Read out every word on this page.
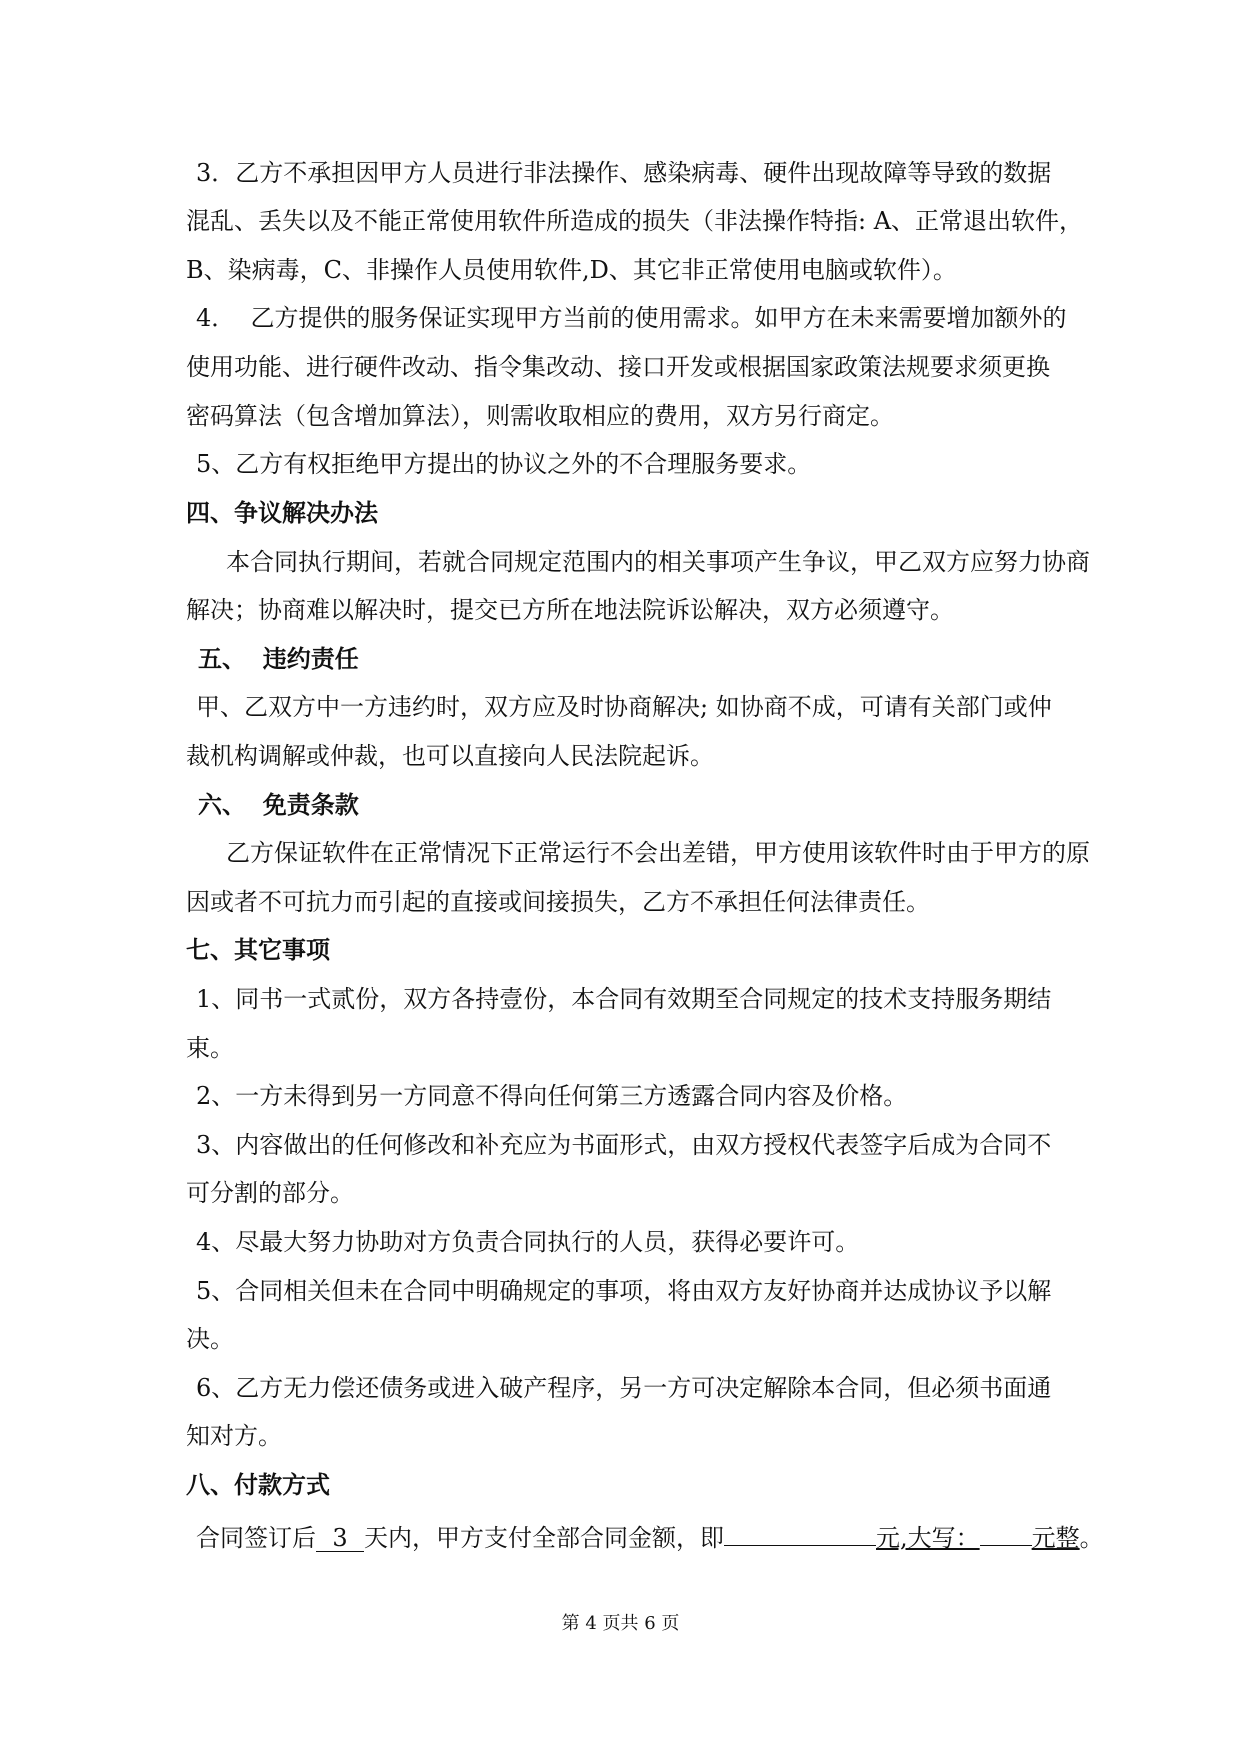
3．乙方不承担因甲方人员进行非法操作、感染病毒、硬件出现故障等导致的数据

混乱、丢失以及不能正常使用软件所造成的损失（非法操作特指: A、正常退出软件，

B、染病毒，C、非操作人员使用软件,D、其它非正常使用电脑或软件）。

4．  乙方提供的服务保证实现甲方当前的使用需求。如甲方在未来需要增加额外的

使用功能、进行硬件改动、指令集改动、接口开发或根据国家政策法规要求须更换

密码算法（包含增加算法），则需收取相应的费用，双方另行商定。

5、乙方有权拒绝甲方提出的协议之外的不合理服务要求。

四、争议解决办法

本合同执行期间，若就合同规定范围内的相关事项产生争议，甲乙双方应努力协商

解决；协商难以解决时，提交已方所在地法院诉讼解决，双方必须遵守。

五、  违约责任

甲、乙双方中一方违约时，双方应及时协商解决; 如协商不成，可请有关部门或仲

裁机构调解或仲裁，也可以直接向人民法院起诉。

六、  免责条款

乙方保证软件在正常情况下正常运行不会出差错，甲方使用该软件时由于甲方的原

因或者不可抗力而引起的直接或间接损失，乙方不承担任何法律责任。

七、其它事项

1、同书一式贰份，双方各持壹份，本合同有效期至合同规定的技术支持服务期结

束。

2、一方未得到另一方同意不得向任何第三方透露合同内容及价格。

3、内容做出的任何修改和补充应为书面形式，由双方授权代表签字后成为合同不

可分割的部分。

4、尽最大努力协助对方负责合同执行的人员，获得必要许可。

5、合同相关但未在合同中明确规定的事项，将由双方友好协商并达成协议予以解

决。

6、乙方无力偿还债务或进入破产程序，另一方可决定解除本合同，但必须书面通

知对方。

八、付款方式

合同签订后 3 天内，甲方支付全部合同金额，即	元,大写： 元整。

第 4 页共 6 页
